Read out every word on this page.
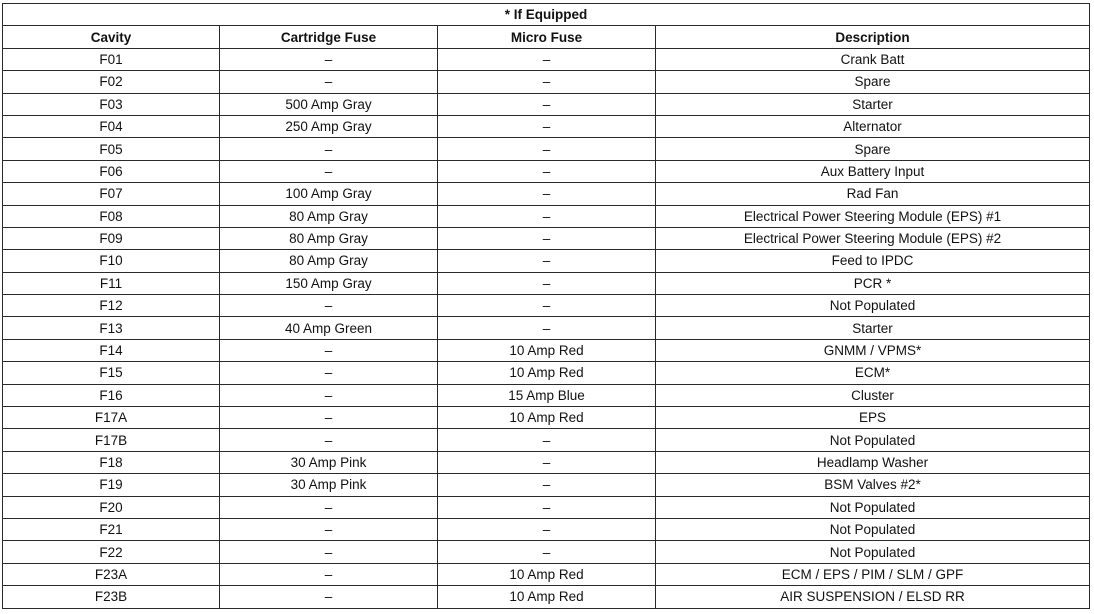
* If Equipped			
Cavity	Cartridge Fuse	Micro Fuse	Description
F01	–	–	Crank Batt
F02	–	–	Spare
F03	500 Amp Gray	–	Starter
F04	250 Amp Gray	–	Alternator
F05	–	–	Spare
F06	–	–	Aux Battery Input
F07	100 Amp Gray	–	Rad Fan
F08	80 Amp Gray	–	Electrical Power Steering Module (EPS) #1
F09	80 Amp Gray	–	Electrical Power Steering Module (EPS) #2
F10	80 Amp Gray	–	Feed to IPDC
F11	150 Amp Gray	–	PCR *
F12	–	–	Not Populated
F13	40 Amp Green	–	Starter
F14	–	10 Amp Red	GNMM / VPMS*
F15	–	10 Amp Red	ECM*
F16	–	15 Amp Blue	Cluster
F17A	–	10 Amp Red	EPS
F17B	–	–	Not Populated
F18	30 Amp Pink	–	Headlamp Washer
F19	30 Amp Pink	–	BSM Valves #2*
F20	–	–	Not Populated
F21	–	–	Not Populated
F22	–	–	Not Populated
F23A	–	10 Amp Red	ECM / EPS / PIM / SLM / GPF
F23B	–	10 Amp Red	AIR SUSPENSION / ELSD RR
